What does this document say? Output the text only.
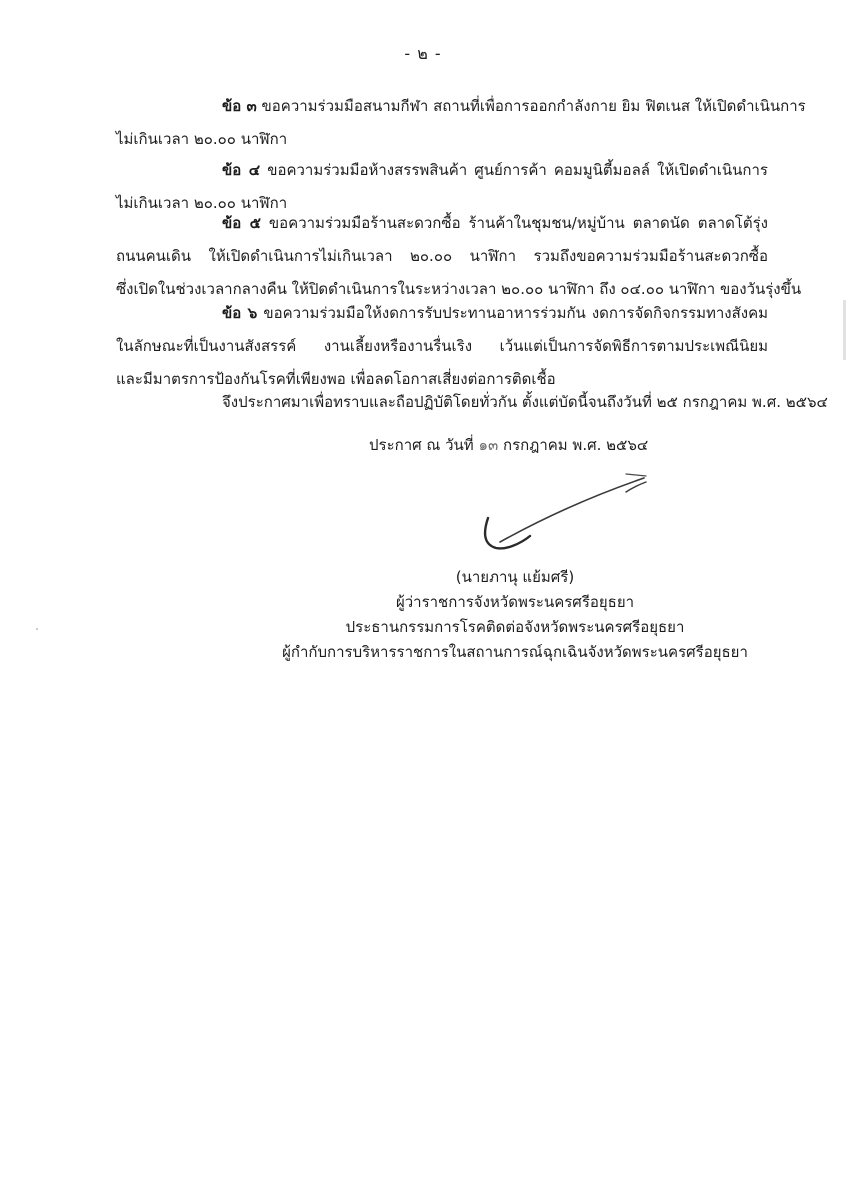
- ๒ -
ข้อ ๓ ขอความร่วมมือสนามกีฬา สถานที่เพื่อการออกกำลังกาย ยิม ฟิตเนส ให้เปิดดำเนินการ
ไม่เกินเวลา ๒๐.๐๐ นาฬิกา
ข้อ ๔ ขอความร่วมมือห้างสรรพสินค้า ศูนย์การค้า คอมมูนิตี้มอลล์ ให้เปิดดำเนินการ
ไม่เกินเวลา ๒๐.๐๐ นาฬิกา
ข้อ ๕ ขอความร่วมมือร้านสะดวกซื้อ ร้านค้าในชุมชน/หมู่บ้าน ตลาดนัด ตลาดโต้รุ่ง
ถนนคนเดิน ให้เปิดดำเนินการไม่เกินเวลา ๒๐.๐๐ นาฬิกา รวมถึงขอความร่วมมือร้านสะดวกซื้อ
ซึ่งเปิดในช่วงเวลากลางคืน ให้ปิดดำเนินการในระหว่างเวลา ๒๐.๐๐ นาฬิกา ถึง ๐๔.๐๐ นาฬิกา ของวันรุ่งขึ้น
ข้อ ๖ ขอความร่วมมือให้งดการรับประทานอาหารร่วมกัน งดการจัดกิจกรรมทางสังคม
ในลักษณะที่เป็นงานสังสรรค์ งานเลี้ยงหรืองานรื่นเริง เว้นแต่เป็นการจัดพิธีการตามประเพณีนิยม
และมีมาตรการป้องกันโรคที่เพียงพอ เพื่อลดโอกาสเสี่ยงต่อการติดเชื้อ
จึงประกาศมาเพื่อทราบและถือปฏิบัติโดยทั่วกัน ตั้งแต่บัดนี้จนถึงวันที่ ๒๕ กรกฎาคม พ.ศ. ๒๕๖๔
ประกาศ ณ วันที่ ๑๓ กรกฎาคม พ.ศ. ๒๕๖๔
(นายภานุ แย้มศรี)
ผู้ว่าราชการจังหวัดพระนครศรีอยุธยา
ประธานกรรมการโรคติดต่อจังหวัดพระนครศรีอยุธยา
ผู้กำกับการบริหารราชการในสถานการณ์ฉุกเฉินจังหวัดพระนครศรีอยุธยา
